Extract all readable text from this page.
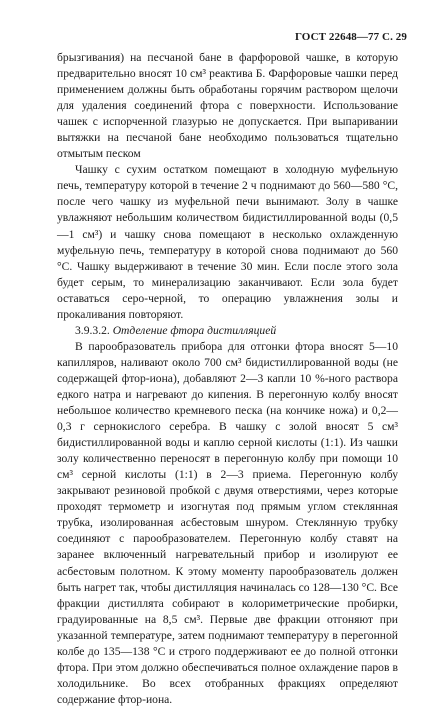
ГОСТ 22648—77 С. 29

брызгивания) на песчаной бане в фарфоровой чашке, в которую предварительно вносят 10 см³ реактива Б. Фарфоровые чашки перед применением должны быть обработаны горячим раствором щелочи для удаления соединений фтора с поверхности. Использование чашек с испорченной глазурью не допускается. При выпаривании вытяжки на песчаной бане необходимо пользоваться тщательно отмытым песком

Чашку с сухим остатком помещают в холодную муфельную печь, температуру которой в течение 2 ч поднимают до 560—580 °С, после чего чашку из муфельной печи вынимают. Золу в чашке увлажняют небольшим количеством бидистиллированной воды (0,5—1 см³) и чашку снова помещают в несколько охлажденную муфельную печь, температуру в которой снова поднимают до 560 °С. Чашку выдерживают в течение 30 мин. Если после этого зола будет серым, то минерализацию заканчивают. Если зола будет оставаться серо-черной, то операцию увлажнения золы и прокаливания повторяют.

3.9.3.2. Отделение фтора дистилляцией

В парообразователь прибора для отгонки фтора вносят 5—10 капилляров, наливают около 700 см³ бидистиллированной воды (не содержащей фтор-иона), добавляют 2—3 капли 10 %-ного раствора едкого натра и нагревают до кипения. В перегонную колбу вносят небольшое количество кремневого песка (на кончике ножа) и 0,2—0,3 г сернокислого серебра. В чашку с золой вносят 5 см³ бидистиллированной воды и каплю серной кислоты (1:1). Из чашки золу количественно переносят в перегонную колбу при помощи 10 см³ серной кислоты (1:1) в 2—3 приема. Перегонную колбу закрывают резиновой пробкой с двумя отверстиями, через которые проходят термометр и изогнутая под прямым углом стеклянная трубка, изолированная асбестовым шнуром. Стеклянную трубку соединяют с парообразователем. Перегонную колбу ставят на заранее включенный нагревательный прибор и изолируют ее асбестовым полотном. К этому моменту парообразователь должен быть нагрет так, чтобы дистилляция начиналась со 128—130 °С. Все фракции дистиллята собирают в колориметрические пробирки, градуированные на 8,5 см³. Первые две фракции отгоняют при указанной температуре, затем поднимают температуру в перегонной колбе до 135—138 °С и строго поддерживают ее до полной отгонки фтора. При этом должно обеспечиваться полное охлаждение паров в холодильнике. Во всех отобранных фракциях определяют содержание фтор-иона.
